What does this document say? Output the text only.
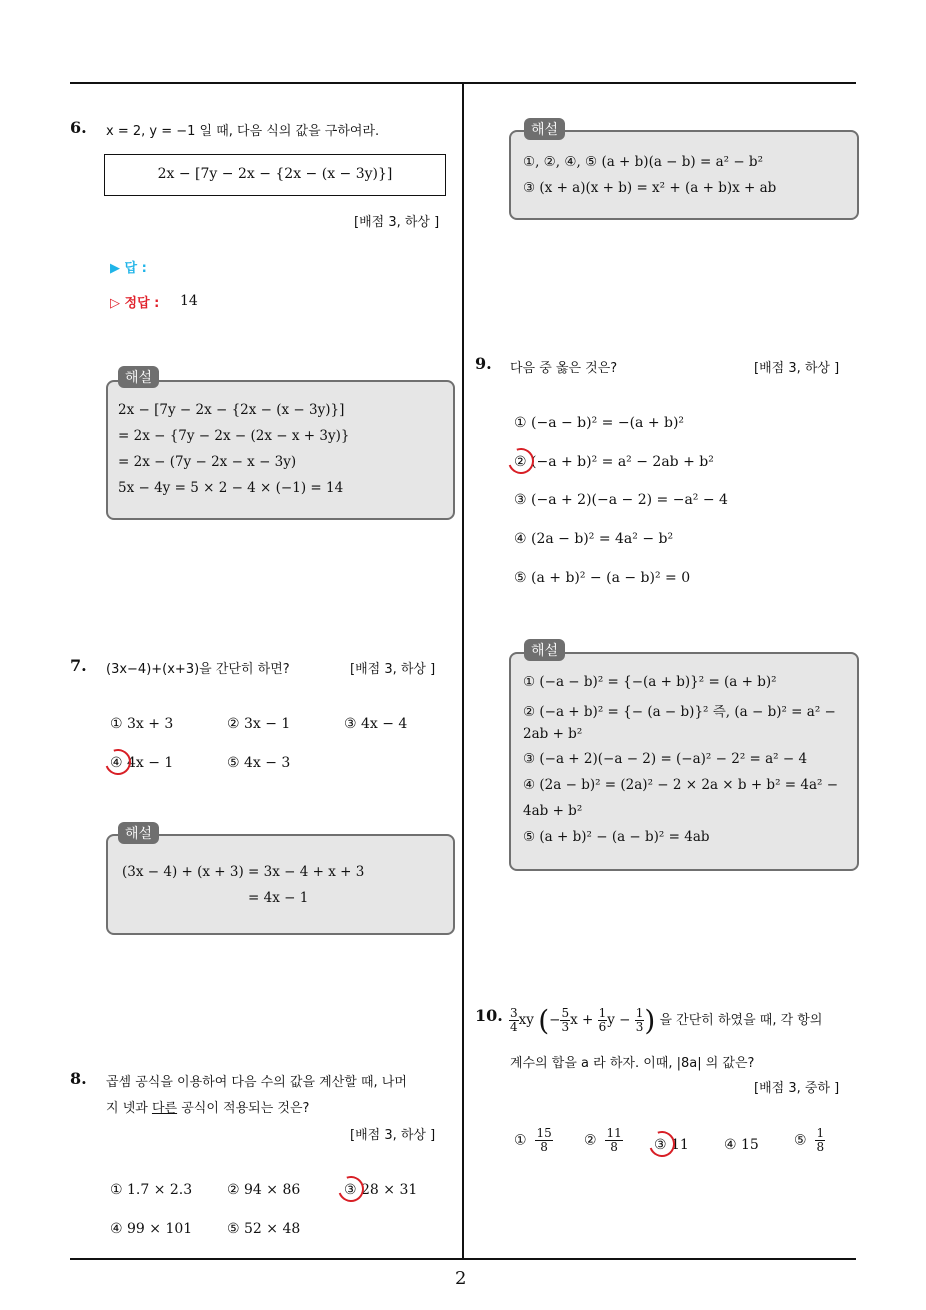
2
6. x = 2, y = −1 일 때, 다음 식의 값을 구하여라.
2x − [7y − 2x − {2x − (x − 3y)}]
[배점 3, 하상 ]
▶ 답 :
▷ 정답 : 14
2x − [7y − 2x − {2x − (x − 3y)}]
= 2x − {7y − 2x − (2x − x + 3y)}
= 2x − (7y − 2x − x − 3y)
5x − 4y = 5 × 2 − 4 × (−1) = 14
해설
7. (3x−4)+(x+3)을 간단히 하면?	[배점 3, 하상 ]
① 3x + 3	② 3x − 1	③ 4x − 4
④ 4x − 1	⑤ 4x − 3
(3x − 4) + (x + 3) = 3x − 4 + x + 3
= 4x − 1
해설
8. 곱셈 공식을 이용하여 다음 수의 값을 계산할 때, 나머
지 넷과 다른 공식이 적용되는 것은?
[배점 3, 하상 ]
① 1.7 × 2.3 ② 94 × 86	③ 28 × 31
④ 99 × 101 ⑤ 52 × 48
①, ②, ④, ⑤ (a + b)(a − b) = a² − b²
③ (x + a)(x + b) = x² + (a + b)x + ab
해설
9. 다음 중 옳은 것은?	[배점 3, 하상 ]
① (−a − b)² = −(a + b)²
② (−a + b)² = a² − 2ab + b²
③ (−a + 2)(−a − 2) = −a² − 4
④ (2a − b)² = 4a² − b²
⑤ (a + b)² − (a − b)² = 0
① (−a − b)² = {−(a + b)}² = (a + b)²
② (−a + b)² = {− (a − b)}² 즉, (a − b)² = a² −
2ab + b²
③ (−a + 2)(−a − 2) = (−a)² − 2² = a² − 4
④ (2a − b)² = (2a)² − 2 × 2a × b + b² = 4a² −
4ab + b²
⑤ (a + b)² − (a − b)² = 4ab
해설
10. $\frac{3}{4}$ xy (− $\frac{5}{3}$ $x + \frac{1}{6}$ $y - \frac{1}{3}$ ) 을 간단히 하였을 때, 각 항의
계수의 합을 a 라 하자. 이때, |8a| 의 값은?
[배점 3, 중하 ]
① $\frac{15}{8}$ ② $\frac{11}{8}$ ③ 11	④ 15	⑤ $\frac{1}{8}$
